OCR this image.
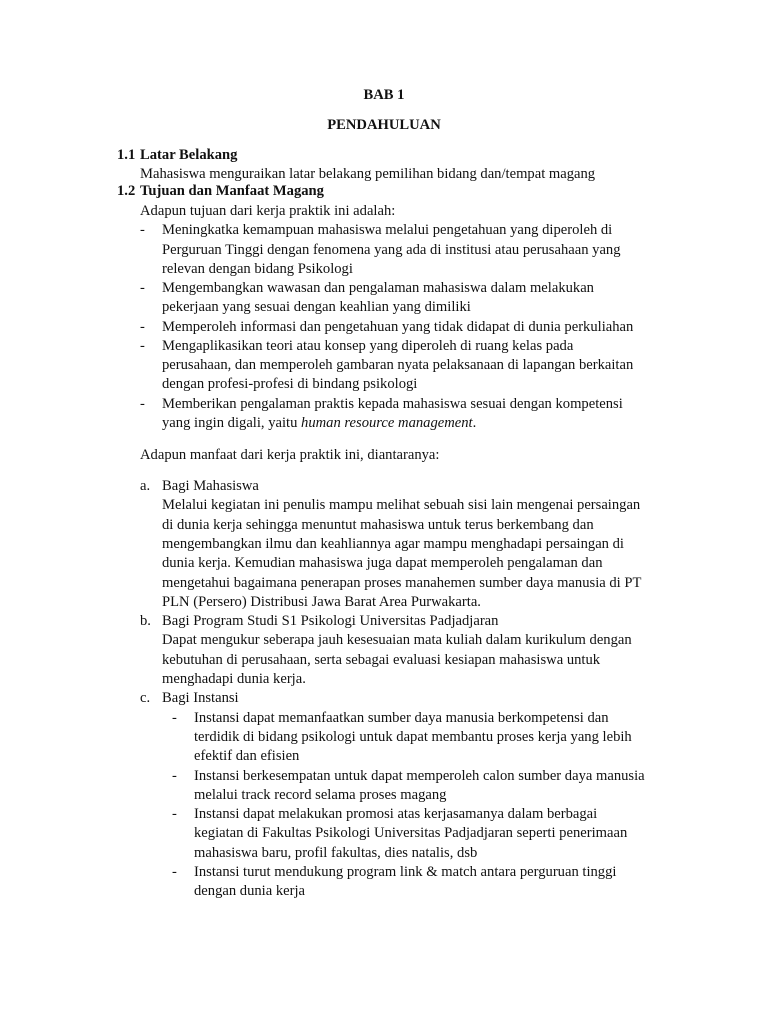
BAB 1
PENDAHULUAN
1.1 Latar Belakang
Mahasiswa menguraikan latar belakang pemilihan bidang dan/tempat magang
1.2 Tujuan dan Manfaat Magang
Adapun tujuan dari kerja praktik ini adalah:
- Meningkatka kemampuan mahasiswa melalui pengetahuan yang diperoleh di
Perguruan Tinggi dengan fenomena yang ada di institusi atau perusahaan yang
relevan dengan bidang Psikologi
- Mengembangkan wawasan dan pengalaman mahasiswa dalam melakukan
pekerjaan yang sesuai dengan keahlian yang dimiliki
- Memperoleh informasi dan pengetahuan yang tidak didapat di dunia perkuliahan
- Mengaplikasikan teori atau konsep yang diperoleh di ruang kelas pada
perusahaan, dan memperoleh gambaran nyata pelaksanaan di lapangan berkaitan
dengan profesi-profesi di bindang psikologi
- Memberikan pengalaman praktis kepada mahasiswa sesuai dengan kompetensi
yang ingin digali, yaitu human resource management.
Adapun manfaat dari kerja praktik ini, diantaranya:
a. Bagi Mahasiswa
Melalui kegiatan ini penulis mampu melihat sebuah sisi lain mengenai persaingan
di dunia kerja sehingga menuntut mahasiswa untuk terus berkembang dan
mengembangkan ilmu dan keahliannya agar mampu menghadapi persaingan di
dunia kerja. Kemudian mahasiswa juga dapat memperoleh pengalaman dan
mengetahui bagaimana penerapan proses manahemen sumber daya manusia di PT
PLN (Persero) Distribusi Jawa Barat Area Purwakarta.
b. Bagi Program Studi S1 Psikologi Universitas Padjadjaran
Dapat mengukur seberapa jauh kesesuaian mata kuliah dalam kurikulum dengan
kebutuhan di perusahaan, serta sebagai evaluasi kesiapan mahasiswa untuk
menghadapi dunia kerja.
c. Bagi Instansi
- Instansi dapat memanfaatkan sumber daya manusia berkompetensi dan
terdidik di bidang psikologi untuk dapat membantu proses kerja yang lebih
efektif dan efisien
- Instansi berkesempatan untuk dapat memperoleh calon sumber daya manusia
melalui track record selama proses magang
- Instansi dapat melakukan promosi atas kerjasamanya dalam berbagai
kegiatan di Fakultas Psikologi Universitas Padjadjaran seperti penerimaan
mahasiswa baru, profil fakultas, dies natalis, dsb
- Instansi turut mendukung program link & match antara perguruan tinggi
dengan dunia kerja
